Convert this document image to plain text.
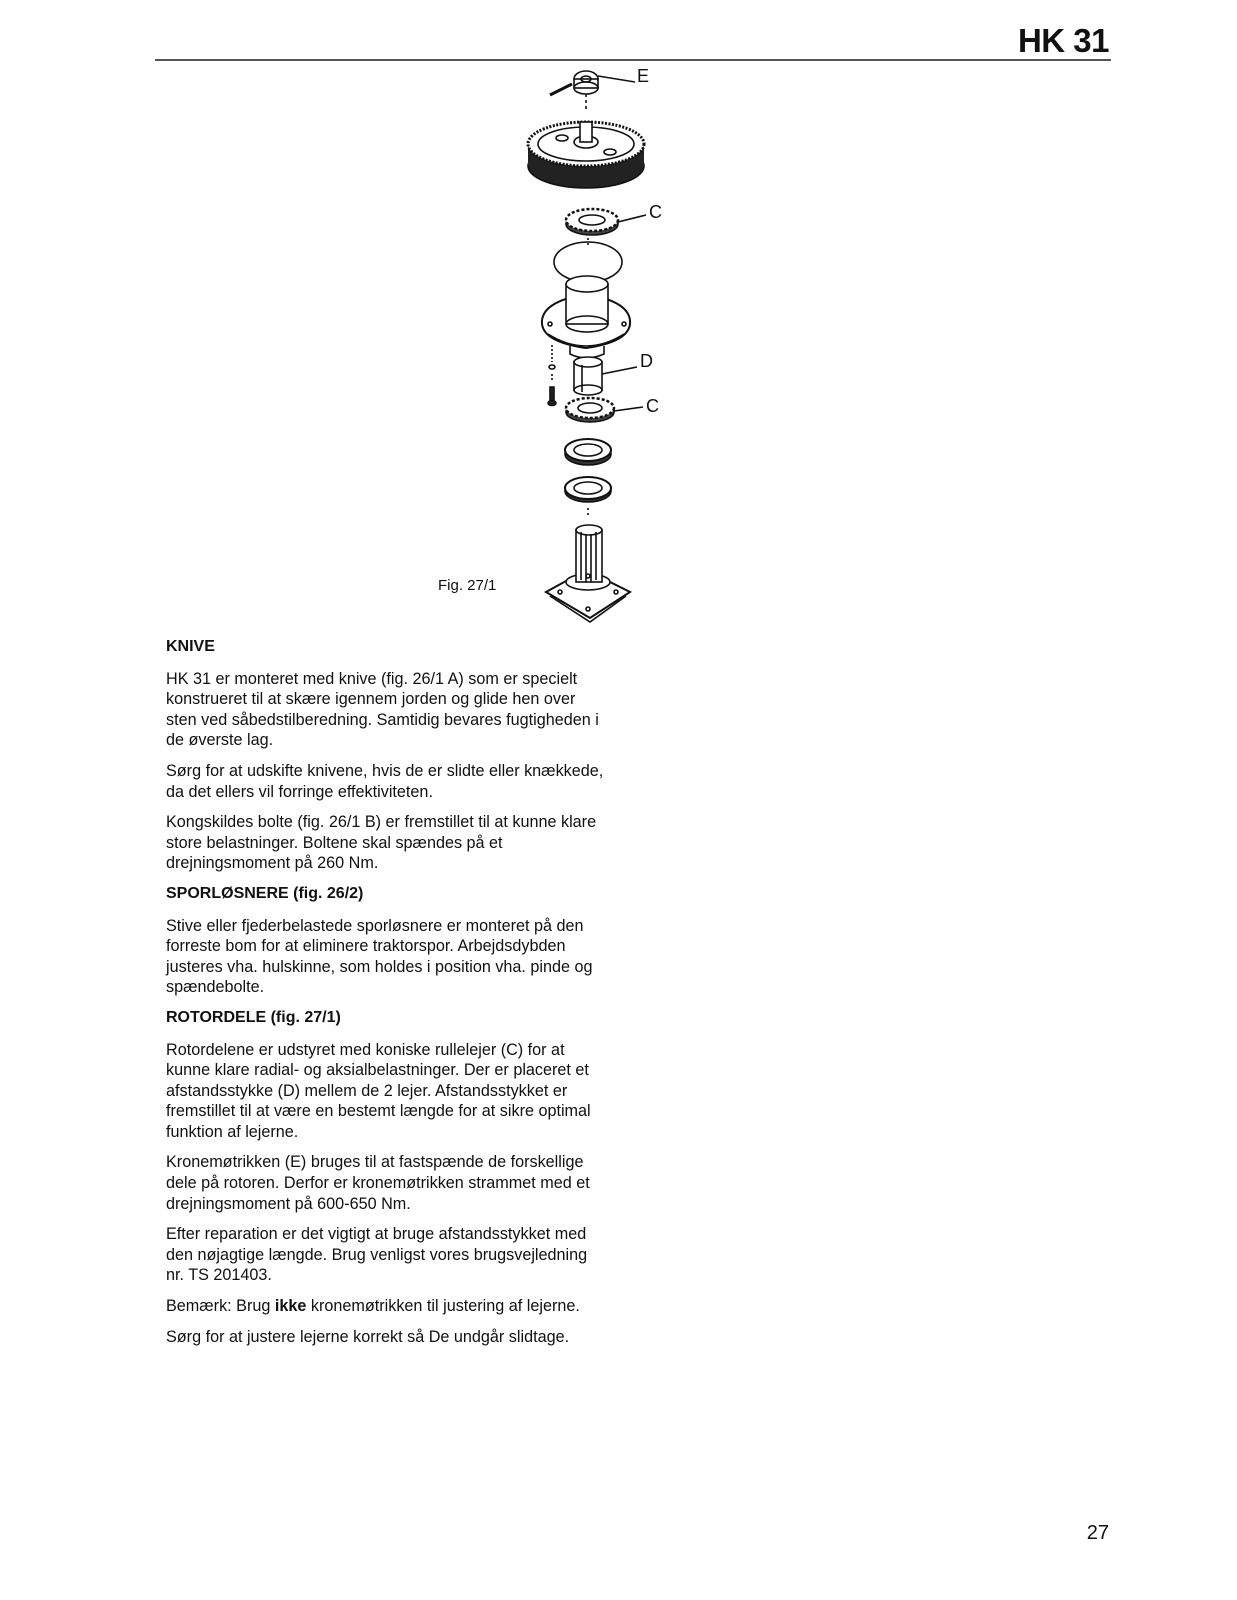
HK 31
E
C
D
C
Fig. 27/1
KNIVE

HK 31 er monteret med knive (fig. 26/1 A) som er specielt konstrueret til at skære igennem jorden og glide hen over sten ved såbedstilberedning. Samtidig bevares fugtigheden i de øverste lag.

Sørg for at udskifte knivene, hvis de er slidte eller knækkede, da det ellers vil forringe effektiviteten.

Kongskildes bolte (fig. 26/1 B) er fremstillet til at kunne klare store belastninger. Boltene skal spændes på et drejningsmoment på 260 Nm.

SPORLØSNERE (fig. 26/2)

Stive eller fjederbelastede sporløsnere er monteret på den forreste bom for at eliminere traktorspor. Arbejdsdybden justeres vha. hulskinne, som holdes i position vha. pinde og spændebolte.

ROTORDELE (fig. 27/1)

Rotordelene er udstyret med koniske rullelejer (C) for at kunne klare radial- og aksialbelastninger. Der er placeret et afstandsstykke (D) mellem de 2 lejer. Afstandsstykket er fremstillet til at være en bestemt længde for at sikre optimal funktion af lejerne.

Kronemøtrikken (E) bruges til at fastspænde de forskellige dele på rotoren. Derfor er kronemøtrikken strammet med et drejningsmoment på 600-650 Nm.

Efter reparation er det vigtigt at bruge afstandsstykket med den nøjagtige længde. Brug venligst vores brugsvejledning nr. TS 201403.

Bemærk: Brug ikke kronemøtrikken til justering af lejerne.

Sørg for at justere lejerne korrekt så De undgår slidtage.

27
